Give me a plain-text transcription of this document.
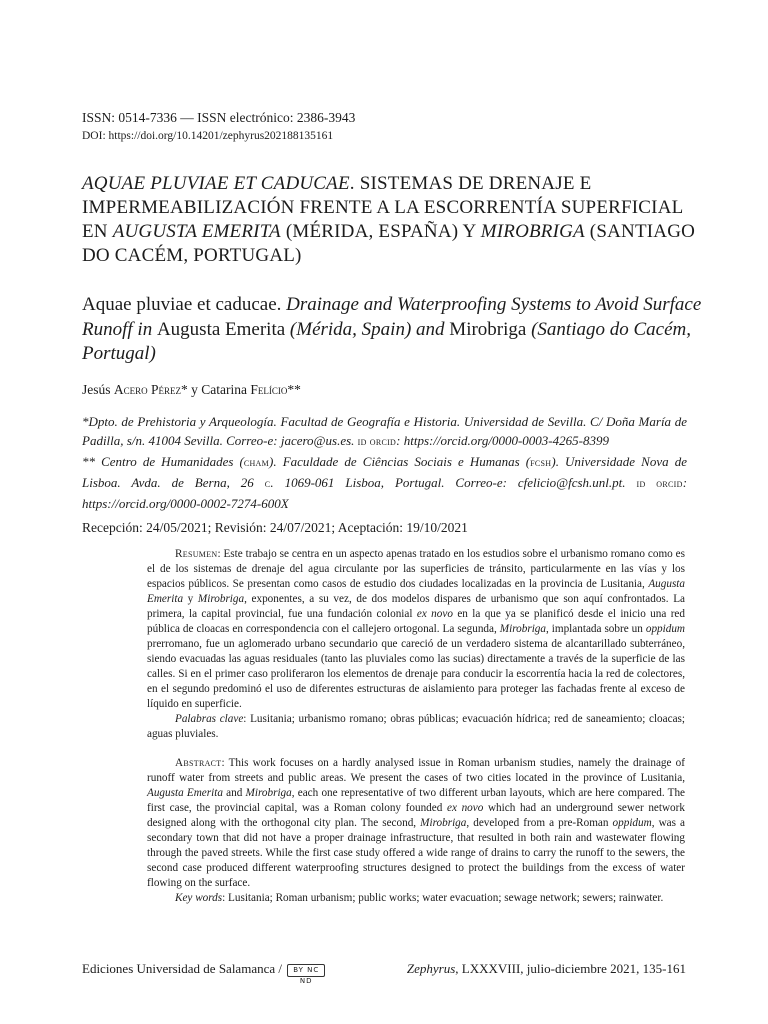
ISSN: 0514-7336 — ISSN electrónico: 2386-3943
DOI: https://doi.org/10.14201/zephyrus202188135161
AQUAE PLUVIAE ET CADUCAE. SISTEMAS DE DRENAJE E IMPERMEABILIZACIÓN FRENTE A LA ESCORRENTÍA SUPERFICIAL EN AUGUSTA EMERITA (MÉRIDA, ESPAÑA) Y MIROBRIGA (SANTIAGO DO CACÉM, PORTUGAL)
Aquae pluviae et caducae. Drainage and Waterproofing Systems to Avoid Surface Runoff in Augusta Emerita (Mérida, Spain) and Mirobriga (Santiago do Cacém, Portugal)
Jesús Acero Pérez* y Catarina Felício**

*Dpto. de Prehistoria y Arqueología. Facultad de Geografía e Historia. Universidad de Sevilla. C/ Doña María de Padilla, s/n. 41004 Sevilla. Correo-e: jacero@us.es. id orcid: https://orcid.org/0000-0003-4265-8399

** Centro de Humanidades (cham). Faculdade de Ciências Sociais e Humanas (fcsh). Universidade Nova de Lisboa. Avda. de Berna, 26 c. 1069-061 Lisboa, Portugal. Correo-e: cfelicio@fcsh.unl.pt. id orcid: https://orcid.org/0000-0002-7274-600X

Recepción: 24/05/2021; Revisión: 24/07/2021; Aceptación: 19/10/2021

Resumen: Este trabajo se centra en un aspecto apenas tratado en los estudios sobre el urbanismo romano como es el de los sistemas de drenaje del agua circulante por las superficies de tránsito, particularmente en las vías y los espacios públicos. Se presentan como casos de estudio dos ciudades localizadas en la provincia de Lusitania, Augusta Emerita y Mirobriga, exponentes, a su vez, de dos modelos dispares de urbanismo que son aquí confrontados. La primera, la capital provincial, fue una fundación colonial ex novo en la que ya se planificó desde el inicio una red pública de cloacas en correspondencia con el callejero ortogonal. La segunda, Mirobriga, implantada sobre un oppidum prerromano, fue un aglomerado urbano secundario que careció de un verdadero sistema de alcantarillado subterráneo, siendo evacuadas las aguas residuales (tanto las pluviales como las sucias) directamente a través de la superficie de las calles. Si en el primer caso proliferaron los elementos de drenaje para conducir la escorrentía hacia la red de colectores, en el segundo predominó el uso de diferentes estructuras de aislamiento para proteger las fachadas frente al exceso de líquido en superficie.

Palabras clave: Lusitania; urbanismo romano; obras públicas; evacuación hídrica; red de saneamiento; cloacas; aguas pluviales.

Abstract: This work focuses on a hardly analysed issue in Roman urbanism studies, namely the drainage of runoff water from streets and public areas. We present the cases of two cities located in the province of Lusitania, Augusta Emerita and Mirobriga, each one representative of two different urban layouts, which are here compared. The first case, the provincial capital, was a Roman colony founded ex novo which had an underground sewer network designed along with the orthogonal city plan. The second, Mirobriga, developed from a pre-Roman oppidum, was a secondary town that did not have a proper drainage infrastructure, that resulted in both rain and wastewater flowing through the paved streets. While the first case study offered a wide range of drains to carry the runoff to the sewers, the second case produced different waterproofing structures designed to protect the buildings from the excess of water flowing on the surface.

Key words: Lusitania; Roman urbanism; public works; water evacuation; sewage network; sewers; rainwater.

Ediciones Universidad de Salamanca / BY NC ND
Zephyrus, LXXXVIII, julio-diciembre 2021, 135-161
